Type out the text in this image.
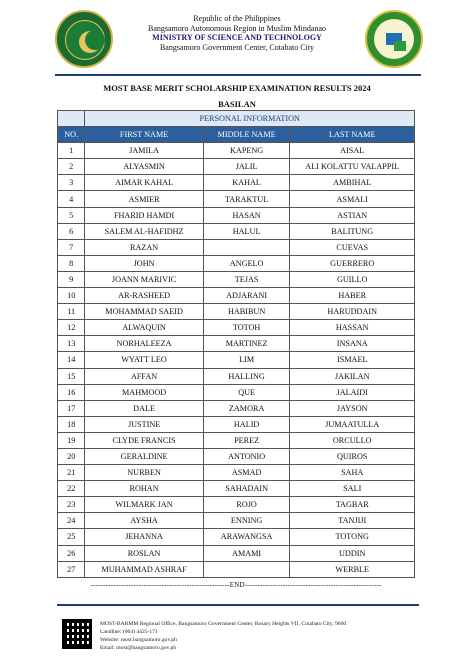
Republic of the Philippines
Bangsamoro Autonomous Region in Muslim Mindanao
MINISTRY OF SCIENCE AND TECHNOLOGY
Bangsamoro Government Center, Cotabato City
MOST BASE MERIT SCHOLARSHIP EXAMINATION RESULTS 2024
BASILAN
	PERSONAL INFORMATION		
NO.	FIRST NAME	MIDDLE NAME	LAST NAME
1	JAMILA	KAPENG	AISAL
2	ALYASMIN	JALIL	ALI KOLATTU VALAPPIL
3	AIMAR KAHAL	KAHAL	AMBIHAL
4	ASMIER	TARAKTUL	ASMALI
5	FHARID HAMDI	HASAN	ASTIAN
6	SALEM AL-HAFIDHZ	HALUL	BALITUNG
7	RAZAN		CUEVAS
8	JOHN	ANGELO	GUERRERO
9	JOANN MARIVIC	TEJAS	GUILLO
10	AR-RASHEED	ADJARANI	HABER
11	MOHAMMAD SAEID	HABIBUN	HARUDDAIN
12	ALWAQUIN	TOTOH	HASSAN
13	NORHALEEZA	MARTINEZ	INSANA
14	WYATT LEO	LIM	ISMAEL
15	AFFAN	HALLING	JAKILAN
16	MAHMOOD	QUE	JALAIDI
17	DALE	ZAMORA	JAYSON
18	JUSTINE	HALID	JUMAATULLA
19	CLYDE FRANCIS	PEREZ	ORCULLO
20	GERALDINE	ANTONIO	QUIROS
21	NURBEN	ASMAD	SAHA
22	ROHAN	SAHADAIN	SALI
23	WILMARK JAN	ROJO	TAGBAR
24	AYSHA	ENNING	TANJIJI
25	JEHANNA	ARAWANGSA	TOTONG
26	ROSLAN	AMAMI	UDDIN
27	MUHAMMAD ASHRAF		WERBLE
-------------------------------------------------------END------------------------------------------------------
MOST-BARMM Regional Office, Bangsamoro Government Center, Rosary Heights VII, Cotabato City, 9600
Landline: (064) 4425-171
Website: most.bangsamoro.gov.ph
Email: most@bangsamoro.gov.ph
